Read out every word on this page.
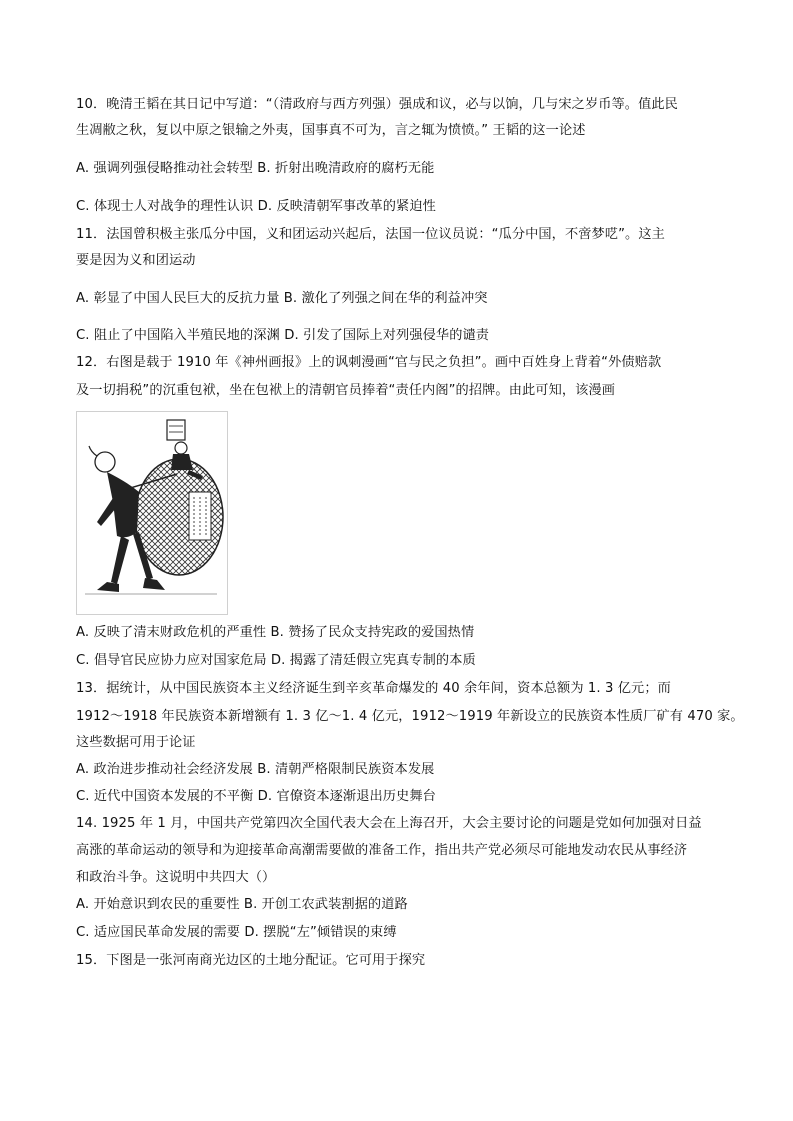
10．晚清王韬在其日记中写道：“（清政府与西方列强）强成和议，必与以饷，几与宋之岁币等。值此民
生凋敝之秋，复以中原之银输之外夷，国事真不可为，言之辄为愤愤。” 王韬的这一论述
A. 强调列强侵略推动社会转型 B. 折射出晚清政府的腐朽无能
C. 体现士人对战争的理性认识 D. 反映清朝军事改革的紧迫性
11．法国曾积极主张瓜分中国，义和团运动兴起后，法国一位议员说：“瓜分中国，不啻梦呓”。这主
要是因为义和团运动
A. 彰显了中国人民巨大的反抗力量 B. 激化了列强之间在华的利益冲突
C. 阻止了中国陷入半殖民地的深渊 D. 引发了国际上对列强侵华的谴责
12．右图是载于 1910 年《神州画报》上的讽刺漫画“官与民之负担”。画中百姓身上背着“外债赔款
及一切捐税”的沉重包袱，坐在包袱上的清朝官员捧着“责任内阁”的招牌。由此可知，该漫画
A. 反映了清末财政危机的严重性 B. 赞扬了民众支持宪政的爱国热情
C. 倡导官民应协力应对国家危局 D. 揭露了清廷假立宪真专制的本质
13．据统计，从中国民族资本主义经济诞生到辛亥革命爆发的 40 余年间，资本总额为 1. 3 亿元；而
1912～1918 年民族资本新增额有 1. 3 亿～1. 4 亿元，1912～1919 年新设立的民族资本性质厂矿有 470 家。
这些数据可用于论证
A. 政治进步推动社会经济发展 B. 清朝严格限制民族资本发展
C. 近代中国资本发展的不平衡 D. 官僚资本逐渐退出历史舞台
14. 1925 年 1 月，中国共产党第四次全国代表大会在上海召开，大会主要讨论的问题是党如何加强对日益
高涨的革命运动的领导和为迎接革命高潮需要做的准备工作，指出共产党必须尽可能地发动农民从事经济
和政治斗争。这说明中共四大（）
A. 开始意识到农民的重要性 B. 开创工农武装割据的道路
C. 适应国民革命发展的需要 D. 摆脱“左”倾错误的束缚
15．下图是一张河南商光边区的土地分配证。它可用于探究
